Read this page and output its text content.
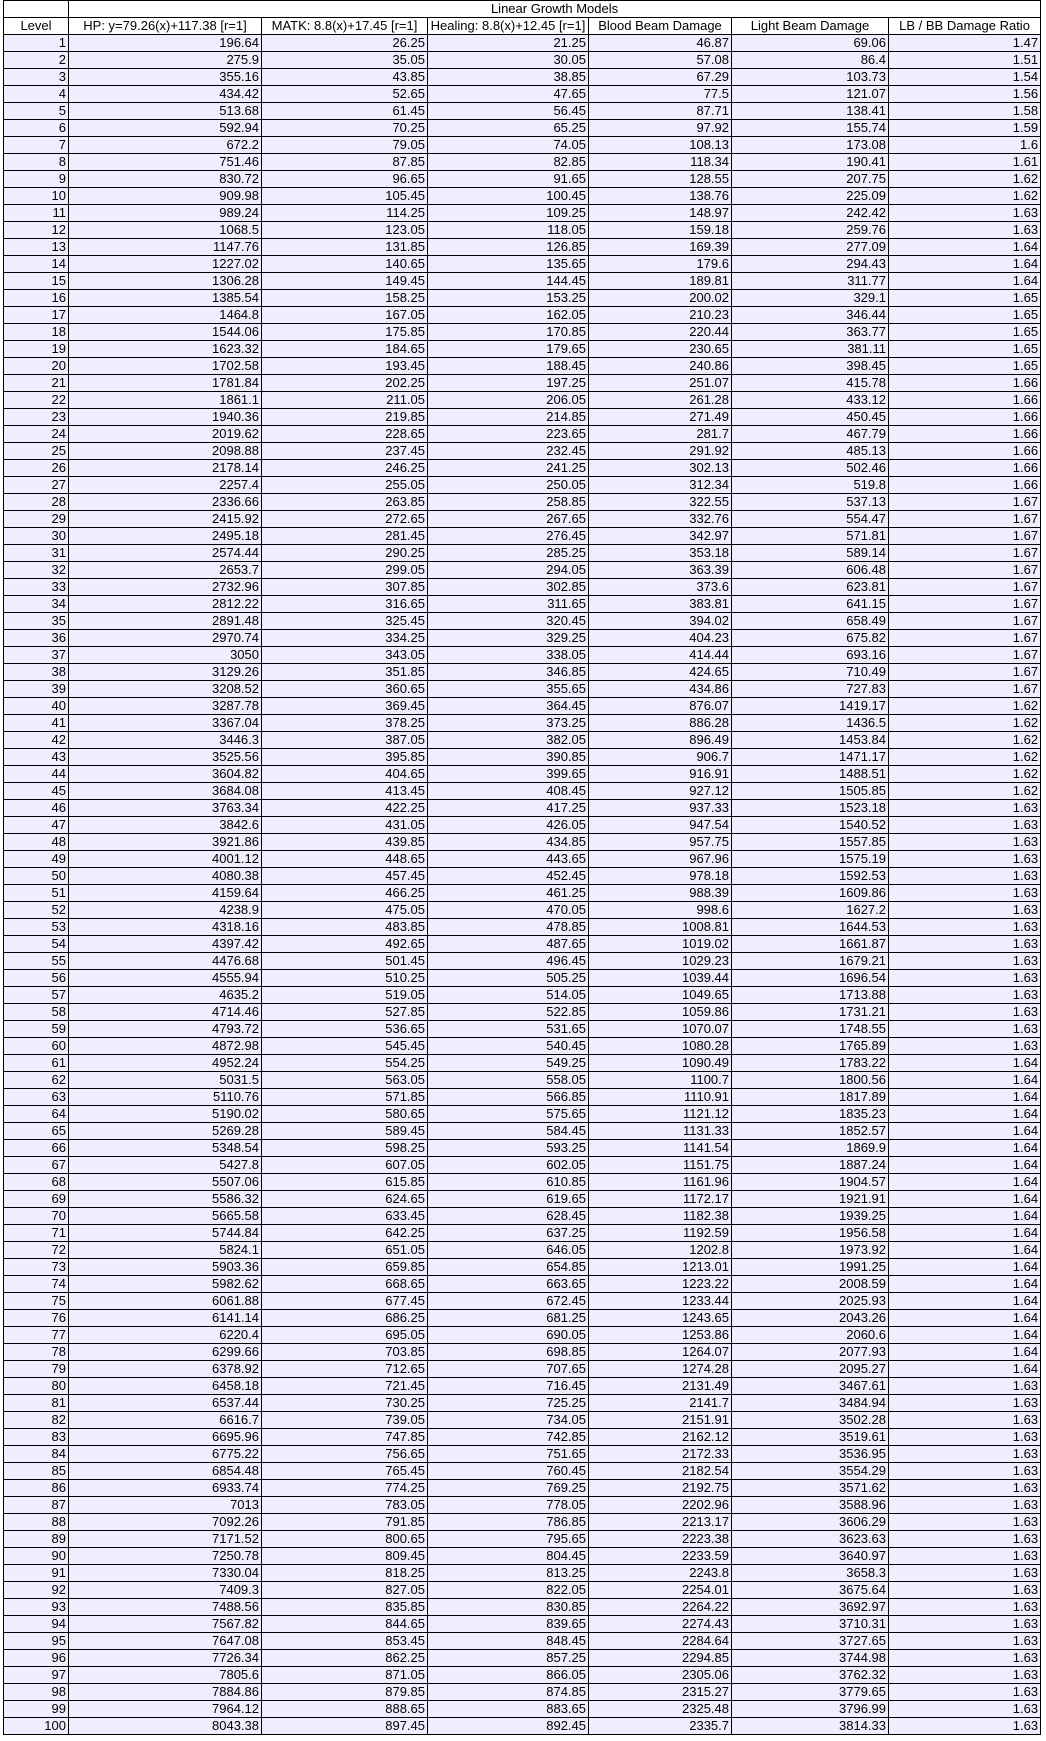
	Linear Growth Models					
Level	HP: y=79.26(x)+117.38 [r=1]	MATK: 8.8(x)+17.45 [r=1]	Healing: 8.8(x)+12.45 [r=1]	Blood Beam Damage	Light Beam Damage	LB / BB Damage Ratio
1	196.64	26.25	21.25	46.87	69.06	1.47
2	275.9	35.05	30.05	57.08	86.4	1.51
3	355.16	43.85	38.85	67.29	103.73	1.54
4	434.42	52.65	47.65	77.5	121.07	1.56
5	513.68	61.45	56.45	87.71	138.41	1.58
6	592.94	70.25	65.25	97.92	155.74	1.59
7	672.2	79.05	74.05	108.13	173.08	1.6
8	751.46	87.85	82.85	118.34	190.41	1.61
9	830.72	96.65	91.65	128.55	207.75	1.62
10	909.98	105.45	100.45	138.76	225.09	1.62
11	989.24	114.25	109.25	148.97	242.42	1.63
12	1068.5	123.05	118.05	159.18	259.76	1.63
13	1147.76	131.85	126.85	169.39	277.09	1.64
14	1227.02	140.65	135.65	179.6	294.43	1.64
15	1306.28	149.45	144.45	189.81	311.77	1.64
16	1385.54	158.25	153.25	200.02	329.1	1.65
17	1464.8	167.05	162.05	210.23	346.44	1.65
18	1544.06	175.85	170.85	220.44	363.77	1.65
19	1623.32	184.65	179.65	230.65	381.11	1.65
20	1702.58	193.45	188.45	240.86	398.45	1.65
21	1781.84	202.25	197.25	251.07	415.78	1.66
22	1861.1	211.05	206.05	261.28	433.12	1.66
23	1940.36	219.85	214.85	271.49	450.45	1.66
24	2019.62	228.65	223.65	281.7	467.79	1.66
25	2098.88	237.45	232.45	291.92	485.13	1.66
26	2178.14	246.25	241.25	302.13	502.46	1.66
27	2257.4	255.05	250.05	312.34	519.8	1.66
28	2336.66	263.85	258.85	322.55	537.13	1.67
29	2415.92	272.65	267.65	332.76	554.47	1.67
30	2495.18	281.45	276.45	342.97	571.81	1.67
31	2574.44	290.25	285.25	353.18	589.14	1.67
32	2653.7	299.05	294.05	363.39	606.48	1.67
33	2732.96	307.85	302.85	373.6	623.81	1.67
34	2812.22	316.65	311.65	383.81	641.15	1.67
35	2891.48	325.45	320.45	394.02	658.49	1.67
36	2970.74	334.25	329.25	404.23	675.82	1.67
37	3050	343.05	338.05	414.44	693.16	1.67
38	3129.26	351.85	346.85	424.65	710.49	1.67
39	3208.52	360.65	355.65	434.86	727.83	1.67
40	3287.78	369.45	364.45	876.07	1419.17	1.62
41	3367.04	378.25	373.25	886.28	1436.5	1.62
42	3446.3	387.05	382.05	896.49	1453.84	1.62
43	3525.56	395.85	390.85	906.7	1471.17	1.62
44	3604.82	404.65	399.65	916.91	1488.51	1.62
45	3684.08	413.45	408.45	927.12	1505.85	1.62
46	3763.34	422.25	417.25	937.33	1523.18	1.63
47	3842.6	431.05	426.05	947.54	1540.52	1.63
48	3921.86	439.85	434.85	957.75	1557.85	1.63
49	4001.12	448.65	443.65	967.96	1575.19	1.63
50	4080.38	457.45	452.45	978.18	1592.53	1.63
51	4159.64	466.25	461.25	988.39	1609.86	1.63
52	4238.9	475.05	470.05	998.6	1627.2	1.63
53	4318.16	483.85	478.85	1008.81	1644.53	1.63
54	4397.42	492.65	487.65	1019.02	1661.87	1.63
55	4476.68	501.45	496.45	1029.23	1679.21	1.63
56	4555.94	510.25	505.25	1039.44	1696.54	1.63
57	4635.2	519.05	514.05	1049.65	1713.88	1.63
58	4714.46	527.85	522.85	1059.86	1731.21	1.63
59	4793.72	536.65	531.65	1070.07	1748.55	1.63
60	4872.98	545.45	540.45	1080.28	1765.89	1.63
61	4952.24	554.25	549.25	1090.49	1783.22	1.64
62	5031.5	563.05	558.05	1100.7	1800.56	1.64
63	5110.76	571.85	566.85	1110.91	1817.89	1.64
64	5190.02	580.65	575.65	1121.12	1835.23	1.64
65	5269.28	589.45	584.45	1131.33	1852.57	1.64
66	5348.54	598.25	593.25	1141.54	1869.9	1.64
67	5427.8	607.05	602.05	1151.75	1887.24	1.64
68	5507.06	615.85	610.85	1161.96	1904.57	1.64
69	5586.32	624.65	619.65	1172.17	1921.91	1.64
70	5665.58	633.45	628.45	1182.38	1939.25	1.64
71	5744.84	642.25	637.25	1192.59	1956.58	1.64
72	5824.1	651.05	646.05	1202.8	1973.92	1.64
73	5903.36	659.85	654.85	1213.01	1991.25	1.64
74	5982.62	668.65	663.65	1223.22	2008.59	1.64
75	6061.88	677.45	672.45	1233.44	2025.93	1.64
76	6141.14	686.25	681.25	1243.65	2043.26	1.64
77	6220.4	695.05	690.05	1253.86	2060.6	1.64
78	6299.66	703.85	698.85	1264.07	2077.93	1.64
79	6378.92	712.65	707.65	1274.28	2095.27	1.64
80	6458.18	721.45	716.45	2131.49	3467.61	1.63
81	6537.44	730.25	725.25	2141.7	3484.94	1.63
82	6616.7	739.05	734.05	2151.91	3502.28	1.63
83	6695.96	747.85	742.85	2162.12	3519.61	1.63
84	6775.22	756.65	751.65	2172.33	3536.95	1.63
85	6854.48	765.45	760.45	2182.54	3554.29	1.63
86	6933.74	774.25	769.25	2192.75	3571.62	1.63
87	7013	783.05	778.05	2202.96	3588.96	1.63
88	7092.26	791.85	786.85	2213.17	3606.29	1.63
89	7171.52	800.65	795.65	2223.38	3623.63	1.63
90	7250.78	809.45	804.45	2233.59	3640.97	1.63
91	7330.04	818.25	813.25	2243.8	3658.3	1.63
92	7409.3	827.05	822.05	2254.01	3675.64	1.63
93	7488.56	835.85	830.85	2264.22	3692.97	1.63
94	7567.82	844.65	839.65	2274.43	3710.31	1.63
95	7647.08	853.45	848.45	2284.64	3727.65	1.63
96	7726.34	862.25	857.25	2294.85	3744.98	1.63
97	7805.6	871.05	866.05	2305.06	3762.32	1.63
98	7884.86	879.85	874.85	2315.27	3779.65	1.63
99	7964.12	888.65	883.65	2325.48	3796.99	1.63
100	8043.38	897.45	892.45	2335.7	3814.33	1.63
